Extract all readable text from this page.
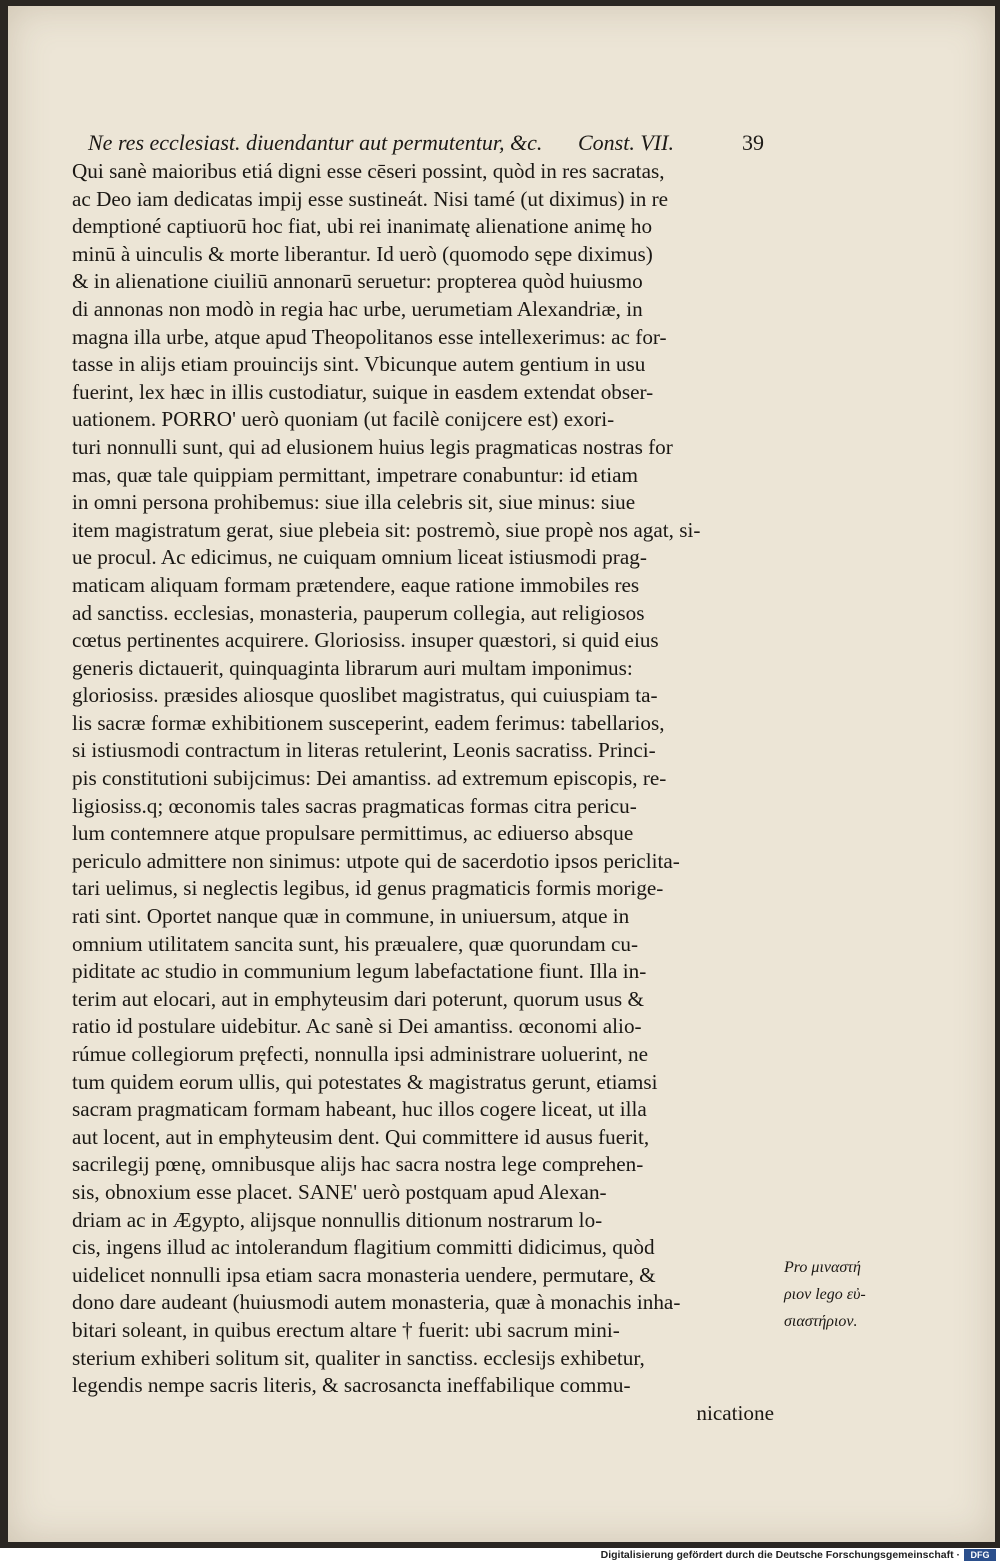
Ne res ecclesiast. diuendantur aut permutentur, &c. Const. VII.	39
Qui sanè maioribus etiá digni esse cēseri possint, quòd in res sacratas,
ac Deo iam dedicatas impij esse sustineát. Nisi tamé (ut diximus) in re
demptioné captiuorū hoc fiat, ubi rei inanimatę alienatione animę ho
minū à uinculis & morte liberantur. Id uerò (quomodo sępe diximus)
& in alienatione ciuiliū annonarū seruetur: propterea quòd huiusmo
di annonas non modò in regia hac urbe, uerumetiam Alexandriæ, in
magna illa urbe, atque apud Theopolitanos esse intellexerimus: ac for-
tasse in alijs etiam prouincijs sint. Vbicunque autem gentium in usu
fuerint, lex hæc in illis custodiatur, suique in easdem extendat obser-
uationem. PORRO' uerò quoniam (ut facilè conijcere est) exori-
turi nonnulli sunt, qui ad elusionem huius legis pragmaticas nostras for
mas, quæ tale quippiam permittant, impetrare conabuntur: id etiam
in omni persona prohibemus: siue illa celebris sit, siue minus: siue
item magistratum gerat, siue plebeia sit: postremò, siue propè nos agat, si-
ue procul. Ac edicimus, ne cuiquam omnium liceat istiusmodi prag-
maticam aliquam formam prætendere, eaque ratione immobiles res
ad sanctiss. ecclesias, monasteria, pauperum collegia, aut religiosos
cœtus pertinentes acquirere. Gloriosiss. insuper quæstori, si quid eius
generis dictauerit, quinquaginta librarum auri multam imponimus:
gloriosiss. præsides aliosque quoslibet magistratus, qui cuiuspiam ta-
lis sacræ formæ exhibitionem susceperint, eadem ferimus: tabellarios,
si istiusmodi contractum in literas retulerint, Leonis sacratiss. Princi-
pis constitutioni subijcimus: Dei amantiss. ad extremum episcopis, re-
ligiosiss.q; œconomis tales sacras pragmaticas formas citra pericu-
lum contemnere atque propulsare permittimus, ac ediuerso absque
periculo admittere non sinimus: utpote qui de sacerdotio ipsos periclita-
tari uelimus, si neglectis legibus, id genus pragmaticis formis morige-
rati sint. Oportet nanque quæ in commune, in uniuersum, atque in
omnium utilitatem sancita sunt, his præualere, quæ quorundam cu-
piditate ac studio in communium legum labefactatione fiunt. Illa in-
terim aut elocari, aut in emphyteusim dari poterunt, quorum usus &
ratio id postulare uidebitur. Ac sanè si Dei amantiss. œconomi alio-
rúmue collegiorum pręfecti, nonnulla ipsi administrare uoluerint, ne
tum quidem eorum ullis, qui potestates & magistratus gerunt, etiamsi
sacram pragmaticam formam habeant, huc illos cogere liceat, ut illa
aut locent, aut in emphyteusim dent. Qui committere id ausus fuerit,
sacrilegij pœnę, omnibusque alijs hac sacra nostra lege comprehen-
sis, obnoxium esse placet. SANE' uerò postquam apud Alexan-
driam ac in Ægypto, alijsque nonnullis ditionum nostrarum lo-
cis, ingens illud ac intolerandum flagitium committi didicimus, quòd
uidelicet nonnulli ipsa etiam sacra monasteria uendere, permutare, &
dono dare audeant (huiusmodi autem monasteria, quæ à monachis inha-
bitari soleant, in quibus erectum altare † fuerit: ubi sacrum mini-
sterium exhiberi solitum sit, qualiter in sanctiss. ecclesijs exhibetur,
legendis nempe sacris literis, & sacrosancta ineffabilique commu-
nicatione
Pro μιναστή
ριον lego εὐ-
σιαστήριον.
Digitalisierung gefördert durch die Deutsche Forschungsgemeinschaft ·	DFG
